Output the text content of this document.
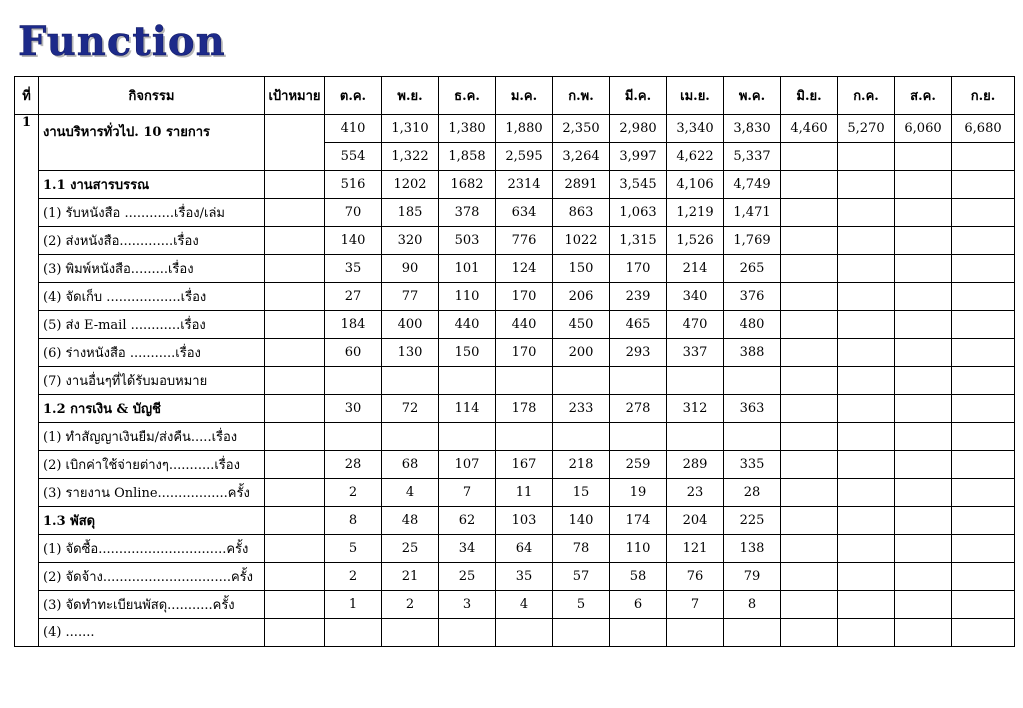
Function
ที่	กิจกรรม	เป้าหมาย	ต.ค.	พ.ย.	ธ.ค.	ม.ค.	ก.พ.	มี.ค.	เม.ย.	พ.ค.	มิ.ย.	ก.ค.	ส.ค.	ก.ย.
1	งานบริหารทั่วไป. 10 รายการ		410	1,310	1,380	1,880	2,350	2,980	3,340	3,830	4,460	5,270	6,060	6,680
			554	1,322	1,858	2,595	3,264	3,997	4,622	5,337				
	1.1 งานสารบรรณ		516	1202	1682	2314	2891	3,545	4,106	4,749				
	(1) รับหนังสือ ............เรื่อง/เล่ม		70	185	378	634	863	1,063	1,219	1,471				
	(2) ส่งหนังสือ.............เรื่อง		140	320	503	776	1022	1,315	1,526	1,769				
	(3) พิมพ์หนังสือ.........เรื่อง		35	90	101	124	150	170	214	265				
	(4) จัดเก็บ ..................เรื่อง		27	77	110	170	206	239	340	376				
	(5) ส่ง E-mail ............เรื่อง		184	400	440	440	450	465	470	480				
	(6) ร่างหนังสือ ...........เรื่อง		60	130	150	170	200	293	337	388				
	(7) งานอื่นๆที่ได้รับมอบหมาย													
	1.2 การเงิน & บัญชี		30	72	114	178	233	278	312	363				
	(1) ทำสัญญาเงินยืม/ส่งคืน.....เรื่อง													
	(2) เบิกค่าใช้จ่ายต่างๆ...........เรื่อง		28	68	107	167	218	259	289	335				
	(3) รายงาน Online.................ครั้ง		2	4	7	11	15	19	23	28				
	1.3 พัสดุ		8	48	62	103	140	174	204	225				
	(1) จัดซื้อ...............................ครั้ง		5	25	34	64	78	110	121	138				
	(2) จัดจ้าง...............................ครั้ง		2	21	25	35	57	58	76	79				
	(3) จัดทำทะเบียนพัสดุ...........ครั้ง		1	2	3	4	5	6	7	8				
	(4) .......													
